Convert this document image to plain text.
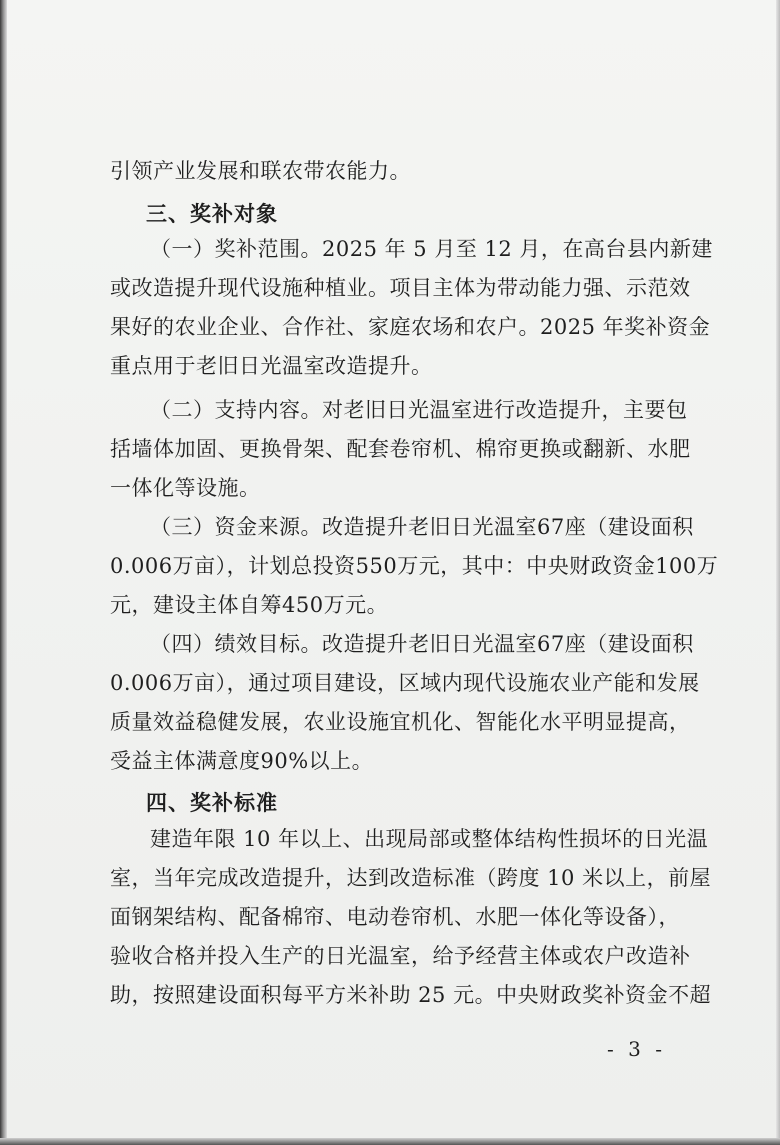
引领产业发展和联农带农能力。
三、奖补对象
（一）奖补范围。2025 年 5 月至 12 月，在高台县内新建
或改造提升现代设施种植业。项目主体为带动能力强、示范效
果好的农业企业、合作社、家庭农场和农户。2025 年奖补资金
重点用于老旧日光温室改造提升。
（二）支持内容。对老旧日光温室进行改造提升，主要包
括墙体加固、更换骨架、配套卷帘机、棉帘更换或翻新、水肥
一体化等设施。
（三）资金来源。改造提升老旧日光温室67座（建设面积
0.006万亩），计划总投资550万元，其中：中央财政资金100万
元，建设主体自筹450万元。
（四）绩效目标。改造提升老旧日光温室67座（建设面积
0.006万亩），通过项目建设，区域内现代设施农业产能和发展
质量效益稳健发展，农业设施宜机化、智能化水平明显提高，
受益主体满意度90%以上。
四、奖补标准
建造年限 10 年以上、出现局部或整体结构性损坏的日光温
室，当年完成改造提升，达到改造标准（跨度 10 米以上，前屋
面钢架结构、配备棉帘、电动卷帘机、水肥一体化等设备），
验收合格并投入生产的日光温室，给予经营主体或农户改造补
助，按照建设面积每平方米补助 25 元。中央财政奖补资金不超
- 3 -
